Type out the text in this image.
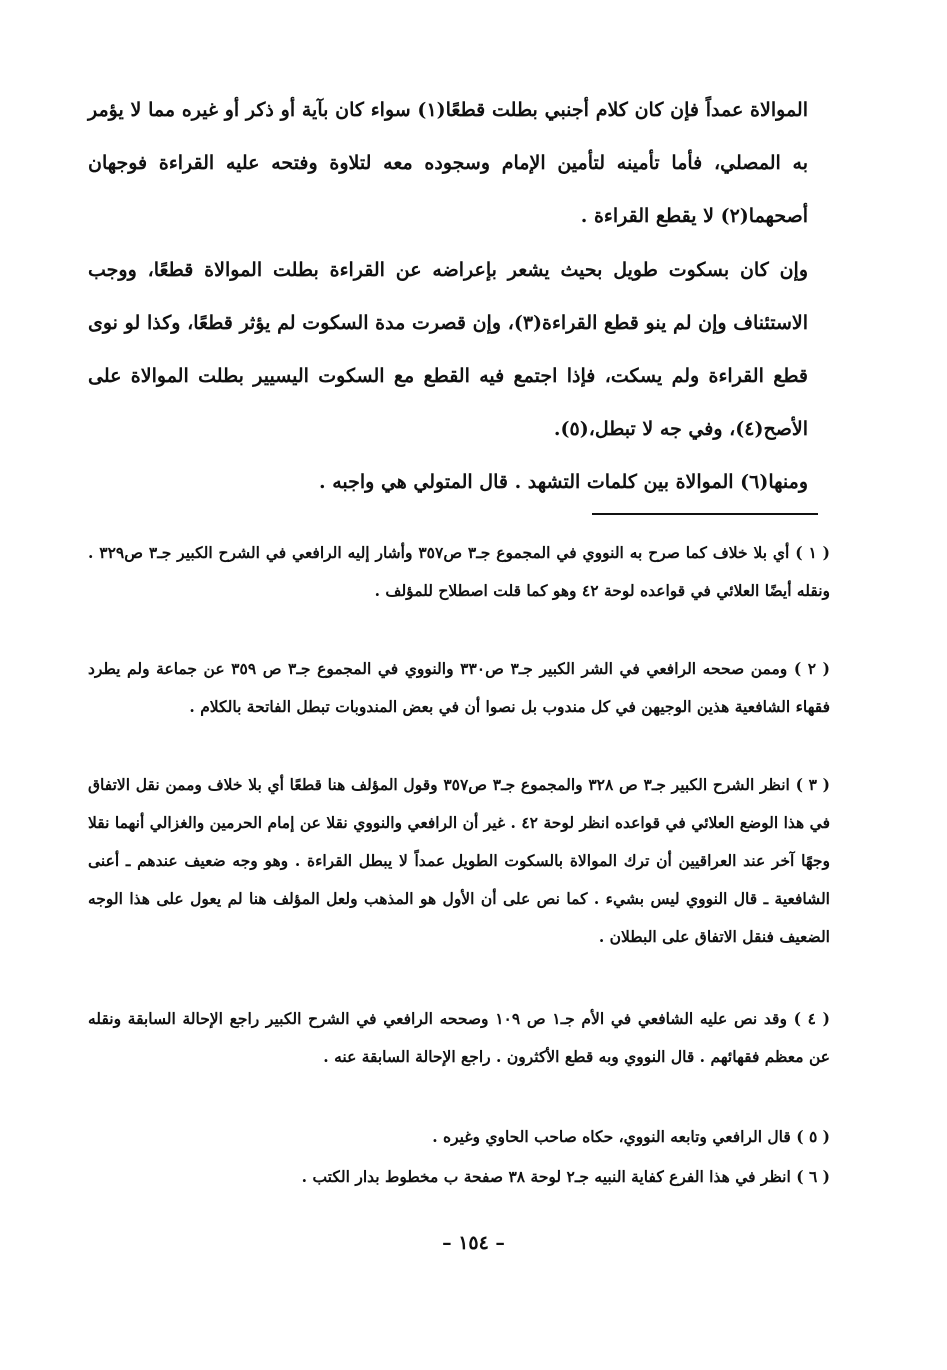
الموالاة عمداً فإن كان كلام أجنبي بطلت قطعًا(١) سواء كان بآية أو ذكر أو غيره مما لا يؤمر به المصلي، فأما تأمينه لتأمين الإمام وسجوده معه لتلاوة وفتحه عليه القراءة فوجهان أصحهما(٢) لا يقطع القراءة .

وإن كان بسكوت طويل بحيث يشعر بإعراضه عن القراءة بطلت الموالاة قطعًا، ووجب الاستئناف وإن لم ينو قطع القراءة(٣)، وإن قصرت مدة السكوت لم يؤثر قطعًا، وكذا لو نوى قطع القراءة ولم يسكت، فإذا اجتمع فيه القطع مع السكوت اليسيير بطلت الموالاة على الأصح(٤)، وفي جه لا تبطل،(٥).

ومنها(٦) الموالاة بين كلمات التشهد . قال المتولي هي واجبه .

( ١ ) أي بلا خلاف كما صرح به النووي في المجموع جـ٣ ص٣٥٧ وأشار إليه الرافعي في الشرح الكبير جـ٣ ص٣٢٩ . ونقله أيضًا العلائي في قواعده لوحة ٤٢ وهو كما قلت اصطلاح للمؤلف .
( ٢ ) وممن صححه الرافعي في الشر الكبير جـ٣ ص٣٣٠ والنووي في المجموع جـ٣ ص ٣٥٩ عن جماعة ولم يطرد فقهاء الشافعية هذين الوجيهن في كل مندوب بل نصوا أن في بعض المندوبات تبطل الفاتحة بالكلام .
( ٣ ) انظر الشرح الكبير جـ٣ ص ٣٢٨ والمجموع جـ٣ ص٣٥٧ وقول المؤلف هنا قطعًا أي بلا خلاف وممن نقل الاتفاق في هذا الوضع العلائي في قواعده انظر لوحة ٤٢ . غير أن الرافعي والنووي نقلا عن إمام الحرمين والغزالي أنهما نقلا وجهًا آخر عند العراقيين أن ترك الموالاة بالسكوت الطويل عمداً لا يبطل القراءة . وهو وجه ضعيف عندهم ـ أعنى الشافعية ـ قال النووي ليس بشيء . كما نص على أن الأول هو المذهب ولعل المؤلف هنا لم يعول على هذا الوجه الضعيف فنقل الاتفاق على البطلان .
( ٤ ) وقد نص عليه الشافعي في الأم جـ١ ص ١٠٩ وصححه الرافعي في الشرح الكبير راجع الإحالة السابقة ونقله عن معظم فقهائهم . قال النووي وبه قطع الأكثرون . راجع الإحالة السابقة عنه .
( ٥ ) قال الرافعي وتابعه النووي، حكاه صاحب الحاوي وغيره .
( ٦ ) انظر في هذا الفرع كفاية النبيه جـ٢ لوحة ٣٨ صفحة ب مخطوط بدار الكتب .
– ١٥٤ –
